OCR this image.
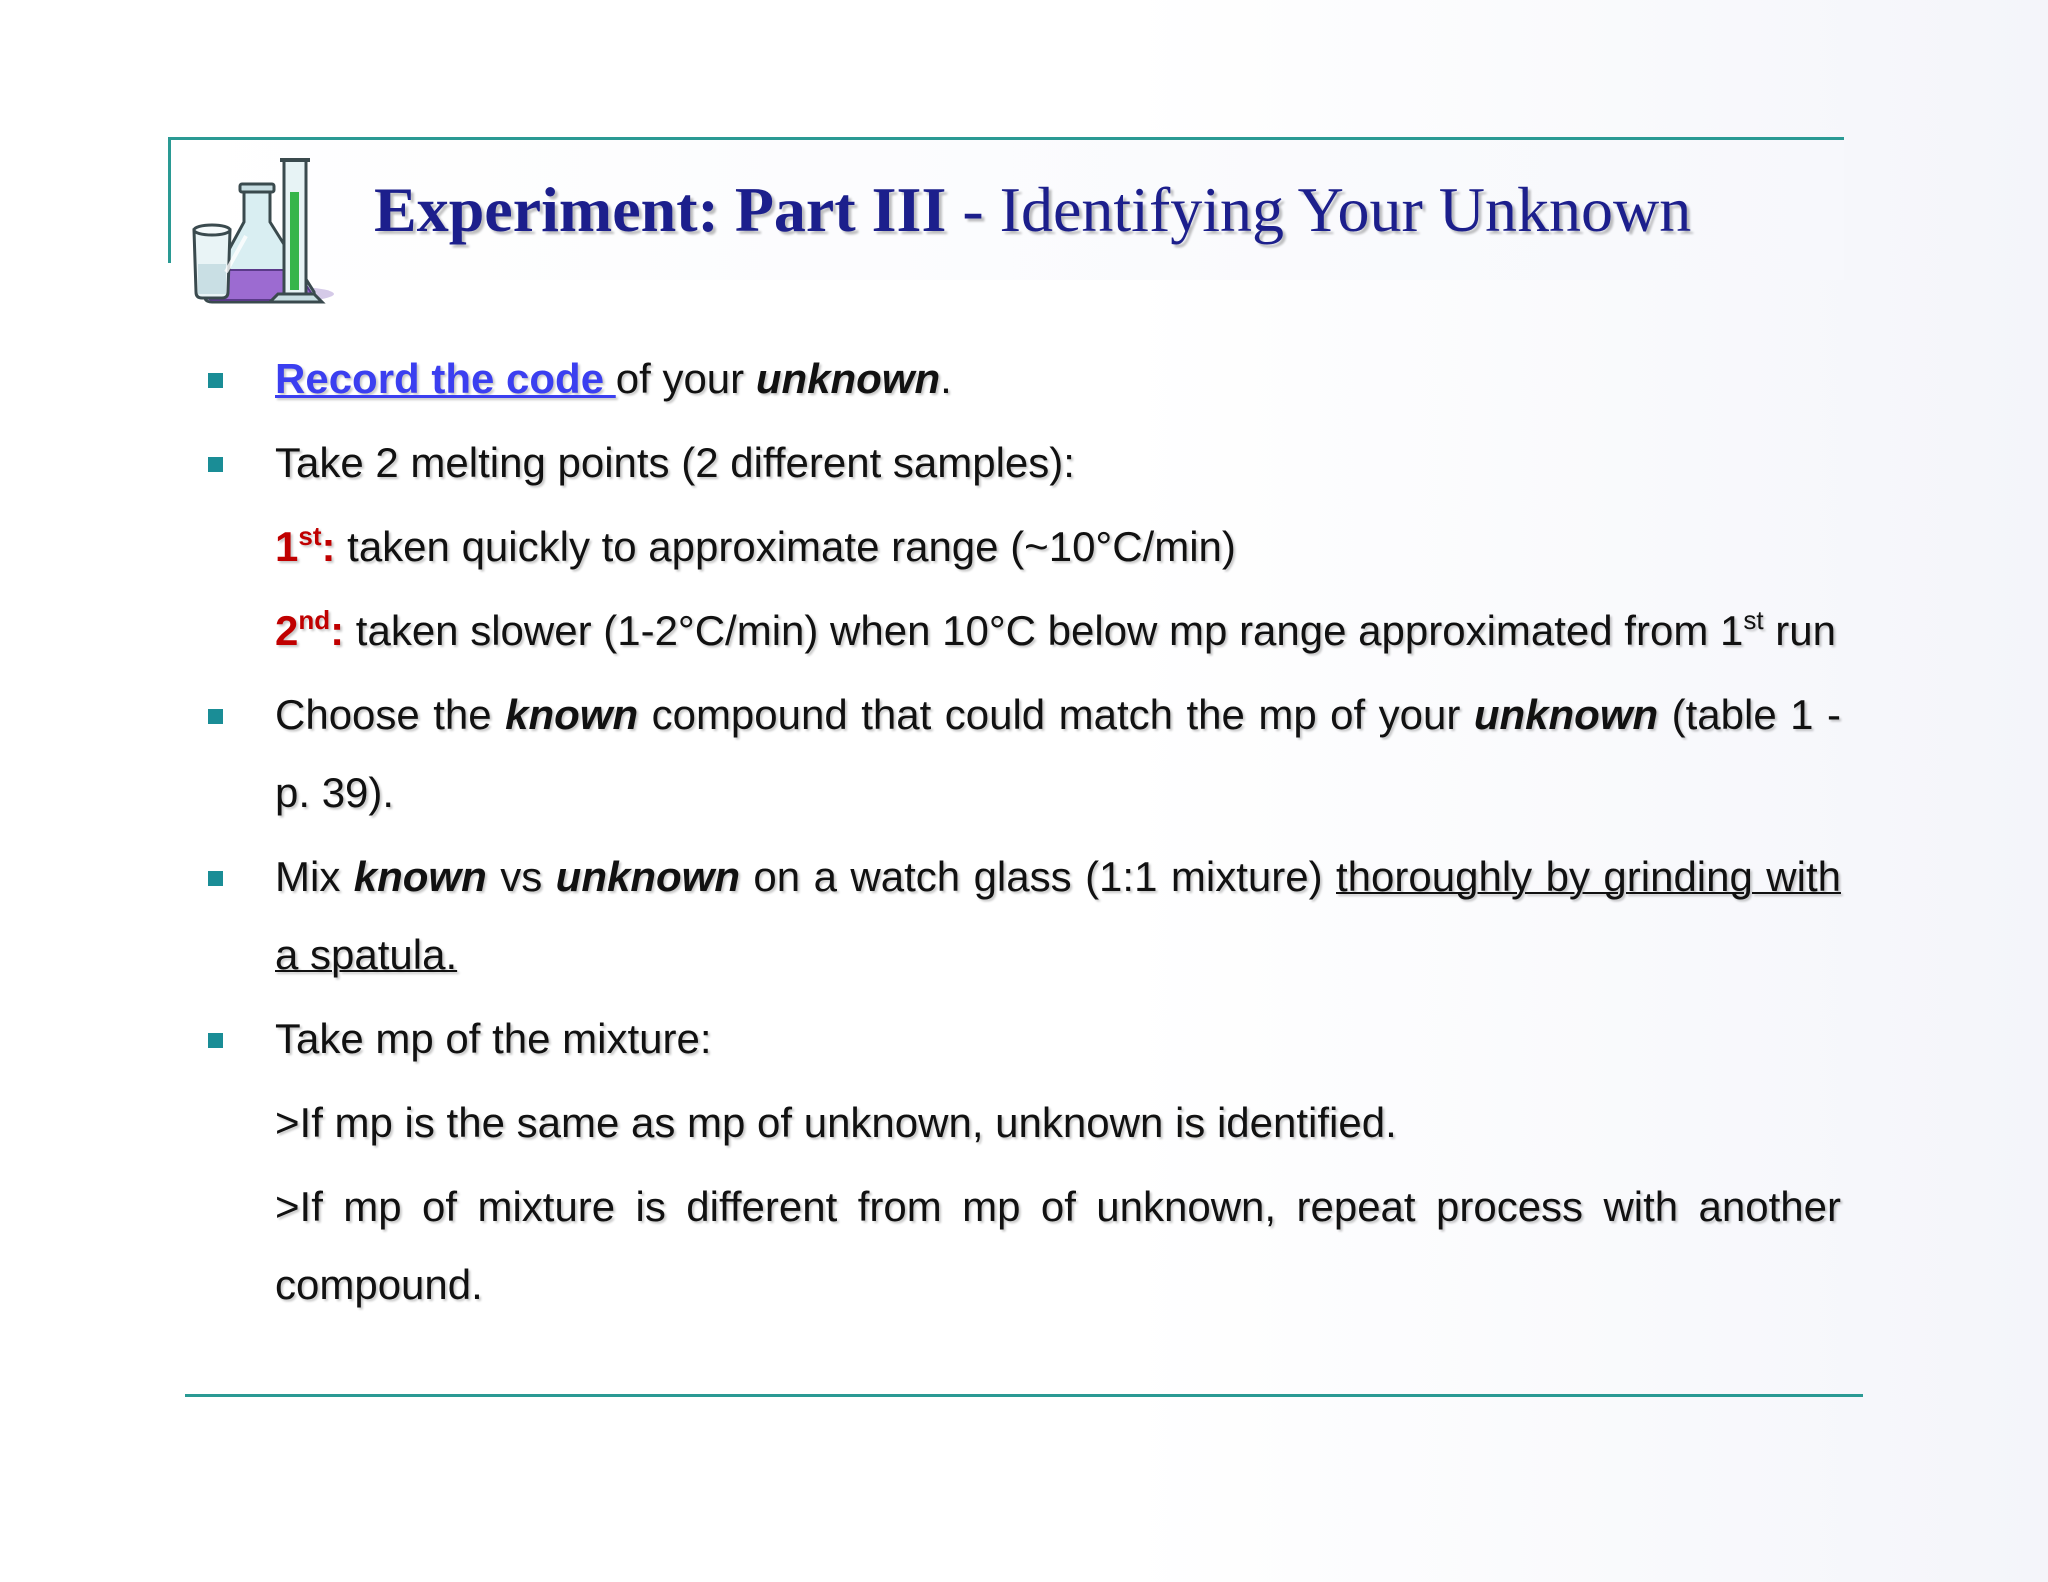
Experiment: Part III - Identifying Your Unknown

Record the code of your unknown.

Take 2 melting points (2 different samples):

1st: taken quickly to approximate range (~10°C/min)

2nd: taken slower (1-2°C/min) when 10°C below mp range approximated from 1st run

Choose the known compound that could match the mp of your unknown (table 1 - p. 39).

Mix known vs unknown on a watch glass (1:1 mixture) thoroughly by grinding with a spatula.

Take mp of the mixture:

>If mp is the same as mp of unknown, unknown is identified.

>If mp of mixture is different from mp of unknown, repeat process with another compound.
